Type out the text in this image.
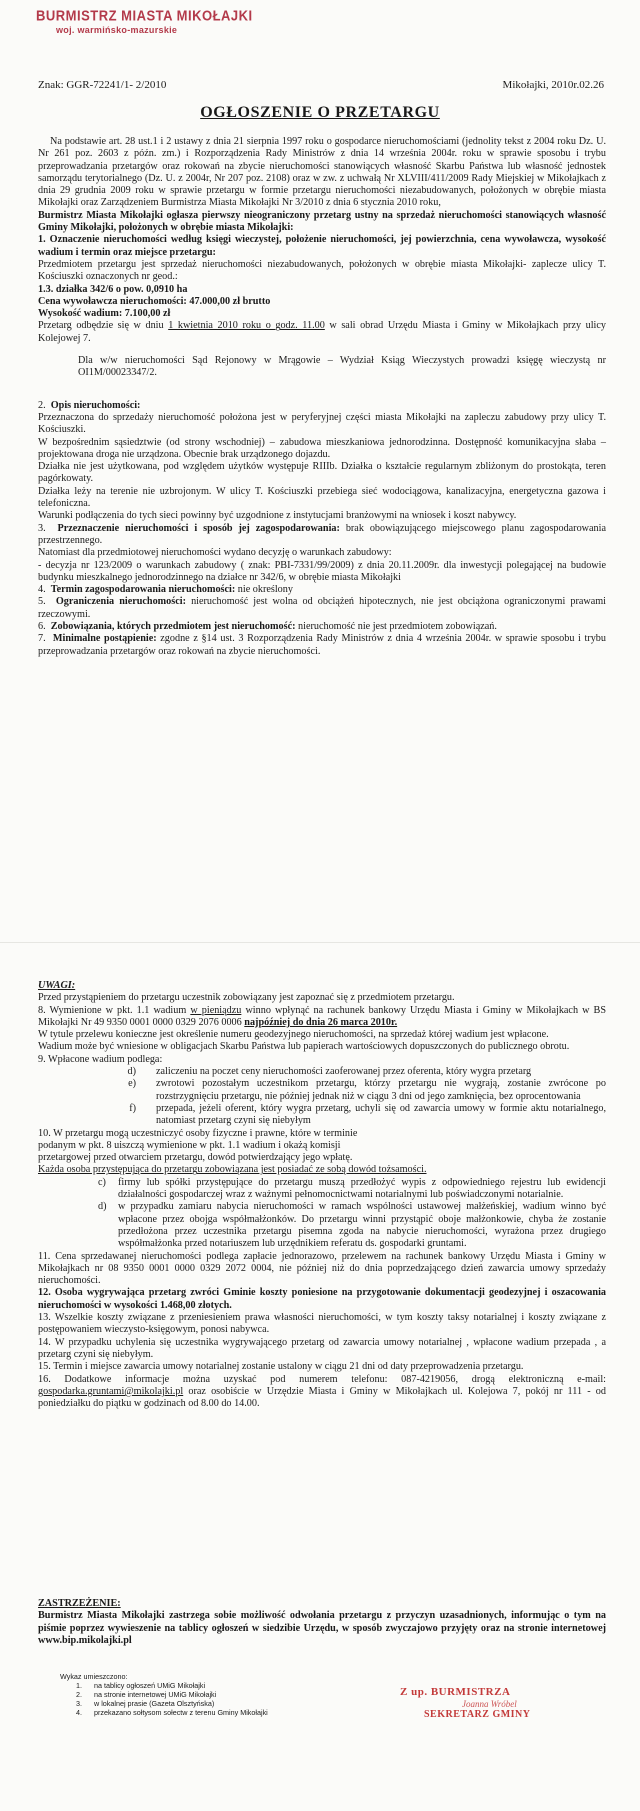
BURMISTRZ MIASTA MIKOŁAJKI
woj. warmińsko-mazurskie
Znak: GGR-72241/1- 2/2010	Mikołajki, 2010r.02.26
OGŁOSZENIE O PRZETARGU

Na podstawie art. 28 ust.1 i 2 ustawy z dnia 21 sierpnia 1997 roku o gospodarce nieruchomościami (jednolity tekst z 2004 roku Dz. U. Nr 261 poz. 2603 z późn. zm.) i Rozporządzenia Rady Ministrów z dnia 14 września 2004r. roku w sprawie sposobu i trybu przeprowadzania przetargów oraz rokowań na zbycie nieruchomości stanowiących własność Skarbu Państwa lub własność jednostek samorządu terytorialnego (Dz. U. z 2004r, Nr 207 poz. 2108) oraz w zw. z uchwałą Nr XLVIII/411/2009 Rady Miejskiej w Mikołajkach z dnia 29 grudnia 2009 roku w sprawie przetargu w formie przetargu nieruchomości niezabudowanych, położonych w obrębie miasta Mikołajki oraz Zarządzeniem Burmistrza Miasta Mikołajki Nr 3/2010 z dnia 6 stycznia 2010 roku,

Burmistrz Miasta Mikołajki ogłasza pierwszy nieograniczony przetarg ustny na sprzedaż nieruchomości stanowiących własność Gminy Mikołajki, położonych w obrębie miasta Mikołajki:

1. Oznaczenie nieruchomości według księgi wieczystej, położenie nieruchomości, jej powierzchnia, cena wywoławcza, wysokość wadium i termin oraz miejsce przetargu:

Przedmiotem przetargu jest sprzedaż nieruchomości niezabudowanych, położonych w obrębie miasta Mikołajki- zaplecze ulicy T. Kościuszki oznaczonych nr geod.:

1.3. działka 342/6 o pow. 0,0910 ha

Cena wywoławcza nieruchomości: 47.000,00 zł brutto

Wysokość wadium: 7.100,00 zł

Przetarg odbędzie się w dniu 1 kwietnia 2010 roku o godz. 11.00 w sali obrad Urzędu Miasta i Gminy w Mikołajkach przy ulicy Kolejowej 7.

Dla w/w nieruchomości Sąd Rejonowy w Mrągowie – Wydział Ksiąg Wieczystych prowadzi księgę wieczystą nr OI1M/00023347/2.

2. Opis nieruchomości:

Przeznaczona do sprzedaży nieruchomość położona jest w peryferyjnej części miasta Mikołajki na zapleczu zabudowy przy ulicy T. Kościuszki.

W bezpośrednim sąsiedztwie (od strony wschodniej) – zabudowa mieszkaniowa jednorodzinna. Dostępność komunikacyjna słaba – projektowana droga nie urządzona. Obecnie brak urządzonego dojazdu.

Działka nie jest użytkowana, pod względem użytków występuje RIIIb. Działka o kształcie regularnym zbliżonym do prostokąta, teren pagórkowaty.

Działka leży na terenie nie uzbrojonym. W ulicy T. Kościuszki przebiega sieć wodociągowa, kanalizacyjna, energetyczna gazowa i telefoniczna.

Warunki podłączenia do tych sieci powinny być uzgodnione z instytucjami branżowymi na wniosek i koszt nabywcy.

3. Przeznaczenie nieruchomości i sposób jej zagospodarowania: brak obowiązującego miejscowego planu zagospodarowania przestrzennego.

Natomiast dla przedmiotowej nieruchomości wydano decyzję o warunkach zabudowy:

- decyzja nr 123/2009 o warunkach zabudowy ( znak: PBI-7331/99/2009) z dnia 20.11.2009r. dla inwestycji polegającej na budowie budynku mieszkalnego jednorodzinnego na działce nr 342/6, w obrębie miasta Mikołajki

4. Termin zagospodarowania nieruchomości: nie określony

5. Ograniczenia nieruchomości: nieruchomość jest wolna od obciążeń hipotecznych, nie jest obciążona ograniczonymi prawami rzeczowymi.

6. Zobowiązania, których przedmiotem jest nieruchomość: nieruchomość nie jest przedmiotem zobowiązań.

7. Minimalne postąpienie: zgodne z §14 ust. 3 Rozporządzenia Rady Ministrów z dnia 4 września 2004r. w sprawie sposobu i trybu przeprowadzania przetargów oraz rokowań na zbycie nieruchomości.

UWAGI:

Przed przystąpieniem do przetargu uczestnik zobowiązany jest zapoznać się z przedmiotem przetargu.

8. Wymienione w pkt. 1.1 wadium w pieniądzu winno wpłynąć na rachunek bankowy Urzędu Miasta i Gminy w Mikołajkach w BS Mikołajki Nr 49 9350 0001 0000 0329 2076 0006 najpóźniej do dnia 26 marca 2010r.

W tytule przelewu konieczne jest określenie numeru geodezyjnego nieruchomości, na sprzedaż której wadium jest wpłacone.

Wadium może być wniesione w obligacjach Skarbu Państwa lub papierach wartościowych dopuszczonych do publicznego obrotu.

9. Wpłacone wadium podlega:

d)	zaliczeniu na poczet ceny nieruchomości zaoferowanej przez oferenta, który wygra przetarg
e)	zwrotowi pozostałym uczestnikom przetargu, którzy przetargu nie wygrają, zostanie zwrócone po rozstrzygnięciu przetargu, nie później jednak niż w ciągu 3 dni od jego zamknięcia, bez oprocentowania
f)	przepada, jeżeli oferent, który wygra przetarg, uchyli się od zawarcia umowy w formie aktu notarialnego, natomiast przetarg czyni się niebyłym

10. W przetargu mogą uczestniczyć osoby fizyczne i prawne, które w terminie

podanym w pkt. 8 uiszczą wymienione w pkt. 1.1 wadium i okażą komisji

przetargowej przed otwarciem przetargu, dowód potwierdzający jego wpłatę.

Każda osoba przystępująca do przetargu zobowiązana jest posiadać ze sobą dowód tożsamości.

c)	firmy lub spółki przystępujące do przetargu muszą przedłożyć wypis z odpowiedniego rejestru lub ewidencji działalności gospodarczej wraz z ważnymi pełnomocnictwami notarialnymi lub poświadczonymi notarialnie.
d)	w przypadku zamiaru nabycia nieruchomości w ramach wspólności ustawowej małżeńskiej, wadium winno być wpłacone przez obojga współmałżonków. Do przetargu winni przystąpić oboje małżonkowie, chyba że zostanie przedłożona przez uczestnika przetargu pisemna zgoda na nabycie nieruchomości, wyrażona przez drugiego współmałżonka przed notariuszem lub urzędnikiem referatu ds. gospodarki gruntami.

11. Cena sprzedawanej nieruchomości podlega zapłacie jednorazowo, przelewem na rachunek bankowy Urzędu Miasta i Gminy w Mikołajkach nr 08 9350 0001 0000 0329 2072 0004, nie później niż do dnia poprzedzającego dzień zawarcia umowy sprzedaży nieruchomości.

12. Osoba wygrywająca przetarg zwróci Gminie koszty poniesione na przygotowanie dokumentacji geodezyjnej i oszacowania nieruchomości w wysokości 1.468,00 złotych.

13. Wszelkie koszty związane z przeniesieniem prawa własności nieruchomości, w tym koszty taksy notarialnej i koszty związane z postępowaniem wieczysto-księgowym, ponosi nabywca.

14. W przypadku uchylenia się uczestnika wygrywającego przetarg od zawarcia umowy notarialnej , wpłacone wadium przepada , a przetarg czyni się niebyłym.

15. Termin i miejsce zawarcia umowy notarialnej zostanie ustalony w ciągu 21 dni od daty przeprowadzenia przetargu.

16. Dodatkowe informacje można uzyskać pod numerem telefonu: 087-4219056, drogą elektroniczną e-mail: gospodarka.gruntami@mikolajki.pl oraz osobiście w Urzędzie Miasta i Gminy w Mikołajkach ul. Kolejowa 7, pokój nr 111 - od poniedziałku do piątku w godzinach od 8.00 do 14.00.

ZASTRZEŻENIE:

Burmistrz Miasta Mikołajki zastrzega sobie możliwość odwołania przetargu z przyczyn uzasadnionych, informując o tym na piśmie poprzez wywieszenie na tablicy ogłoszeń w siedzibie Urzędu, w sposób zwyczajowo przyjęty oraz na stronie internetowej www.bip.mikolajki.pl

Wykaz umieszczono:
1.	na tablicy ogłoszeń UMiG Mikołajki
2.	na stronie internetowej UMiG Mikołajki
3.	w lokalnej prasie (Gazeta Olsztyńska)
4.	przekazano sołtysom sołectw z terenu Gminy Mikołajki
Z up. BURMISTRZA
Joanna Wróbel
SEKRETARZ GMINY
